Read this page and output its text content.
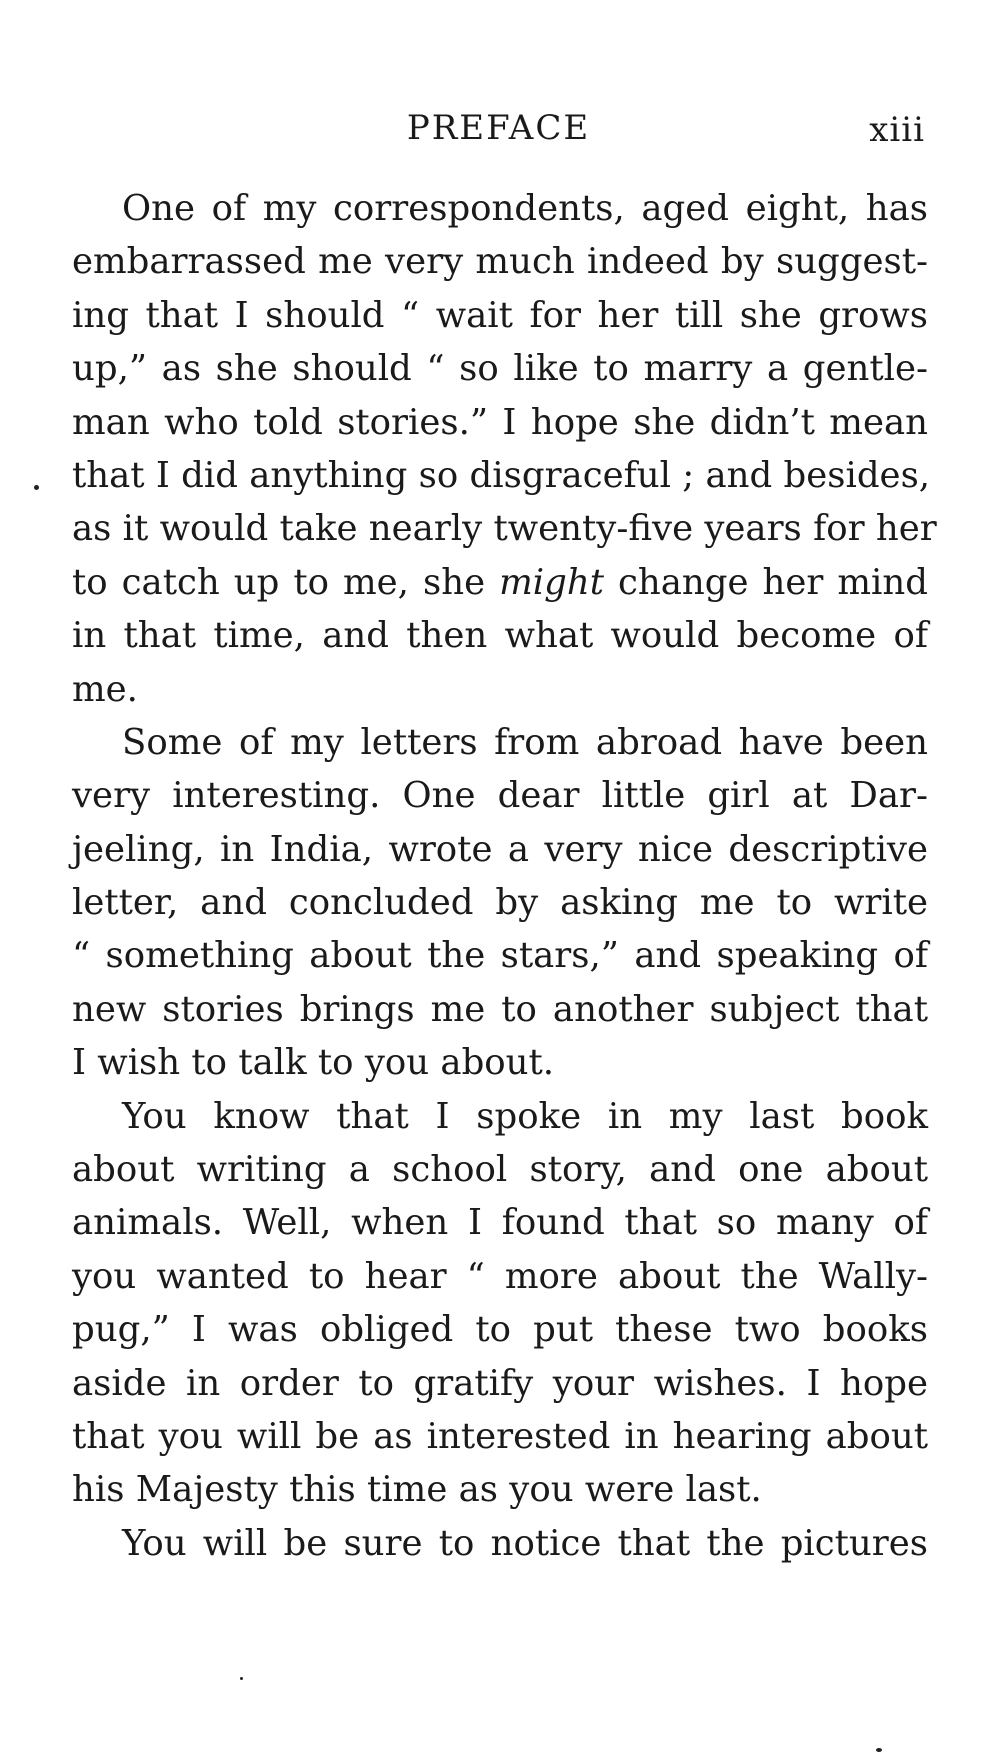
PREFACE	xiii
One of my correspondents, aged eight, has
embarrassed me very much indeed by suggest-
ing that I should “ wait for her till she grows
up,” as she should “ so like to marry a gentle-
man who told stories.” I hope she didn’t mean
that I did anything so disgraceful ; and besides,
as it would take nearly twenty-five years for her
to catch up to me, she might change her mind
in that time, and then what would become of
me.
Some of my letters from abroad have been
very interesting. One dear little girl at Dar-
jeeling, in India, wrote a very nice descriptive
letter, and concluded by asking me to write
“ something about the stars,” and speaking of
new stories brings me to another subject that
I wish to talk to you about.
You know that I spoke in my last book
about writing a school story, and one about
animals. Well, when I found that so many of
you wanted to hear “ more about the Wally-
pug,” I was obliged to put these two books
aside in order to gratify your wishes. I hope
that you will be as interested in hearing about
his Majesty this time as you were last.
You will be sure to notice that the pictures
